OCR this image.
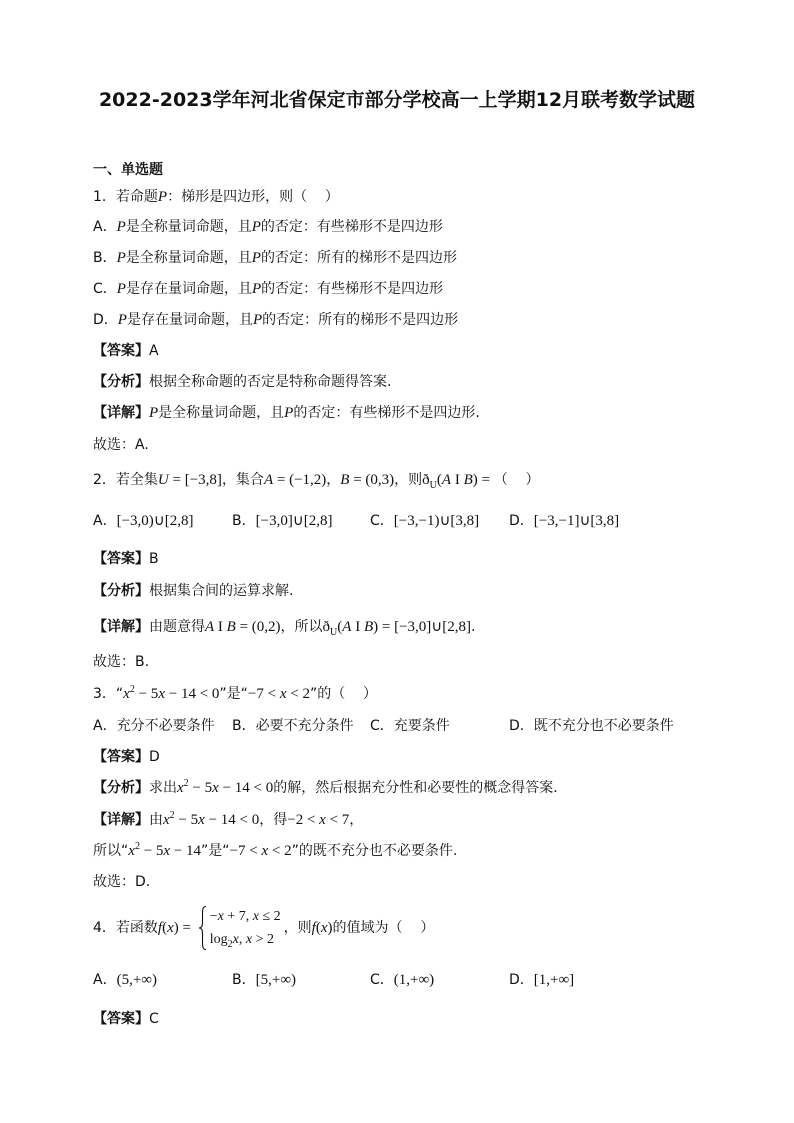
2022-2023学年河北省保定市部分学校高一上学期12月联考数学试题
一、单选题
1．若命题P：梯形是四边形，则（    ）
A．P是全称量词命题，且P的否定：有些梯形不是四边形
B．P是全称量词命题，且P的否定：所有的梯形不是四边形
C．P是存在量词命题，且P的否定：有些梯形不是四边形
D．P是存在量词命题，且P的否定：所有的梯形不是四边形
【答案】A
【分析】根据全称命题的否定是特称命题得答案.
【详解】P是全称量词命题，且P的否定：有些梯形不是四边形.
故选：A.
2．若全集U = [−3,8]，集合A = (−1,2)，B = (0,3)，则$ð_U(A$ I B) = （    ）
A．[−3,0)∪[2,8]	B．[−3,0]∪[2,8]	C．[−3,−1)∪[3,8]	D．[−3,−1]∪[3,8]
【答案】B
【分析】根据集合间的运算求解.
【详解】由题意得A I B = (0,2)，所以$ð_U(A$ I B) = [−3,0]∪[2,8].
故选：B.
3．“$x^2 - 5x - 14 < 0$”是“−7 < x < 2”的（    ）
A．充分不必要条件	B．必要不充分条件	C．充要条件	D．既不充分也不必要条件
【答案】D
【分析】求出$x^2 - 5x - 14 < 0$的解，然后根据充分性和必要性的概念得答案.
【详解】由$x^2 - 5x - 14 < 0$，得−2 < x < 7，
所以“$x^2 - 5x - 14$”是“−7 < x < 2”的既不充分也不必要条件.
故选：D.
4．若函数 f ( x ) =
−x + 7, x ≤ 2
$\log_2x$, x > 2
，则 f ( x ) 的值域为（    ）
A．(5,+∞)	B．[5,+∞)	C．(1,+∞)	D．[1,+∞]
【答案】C
